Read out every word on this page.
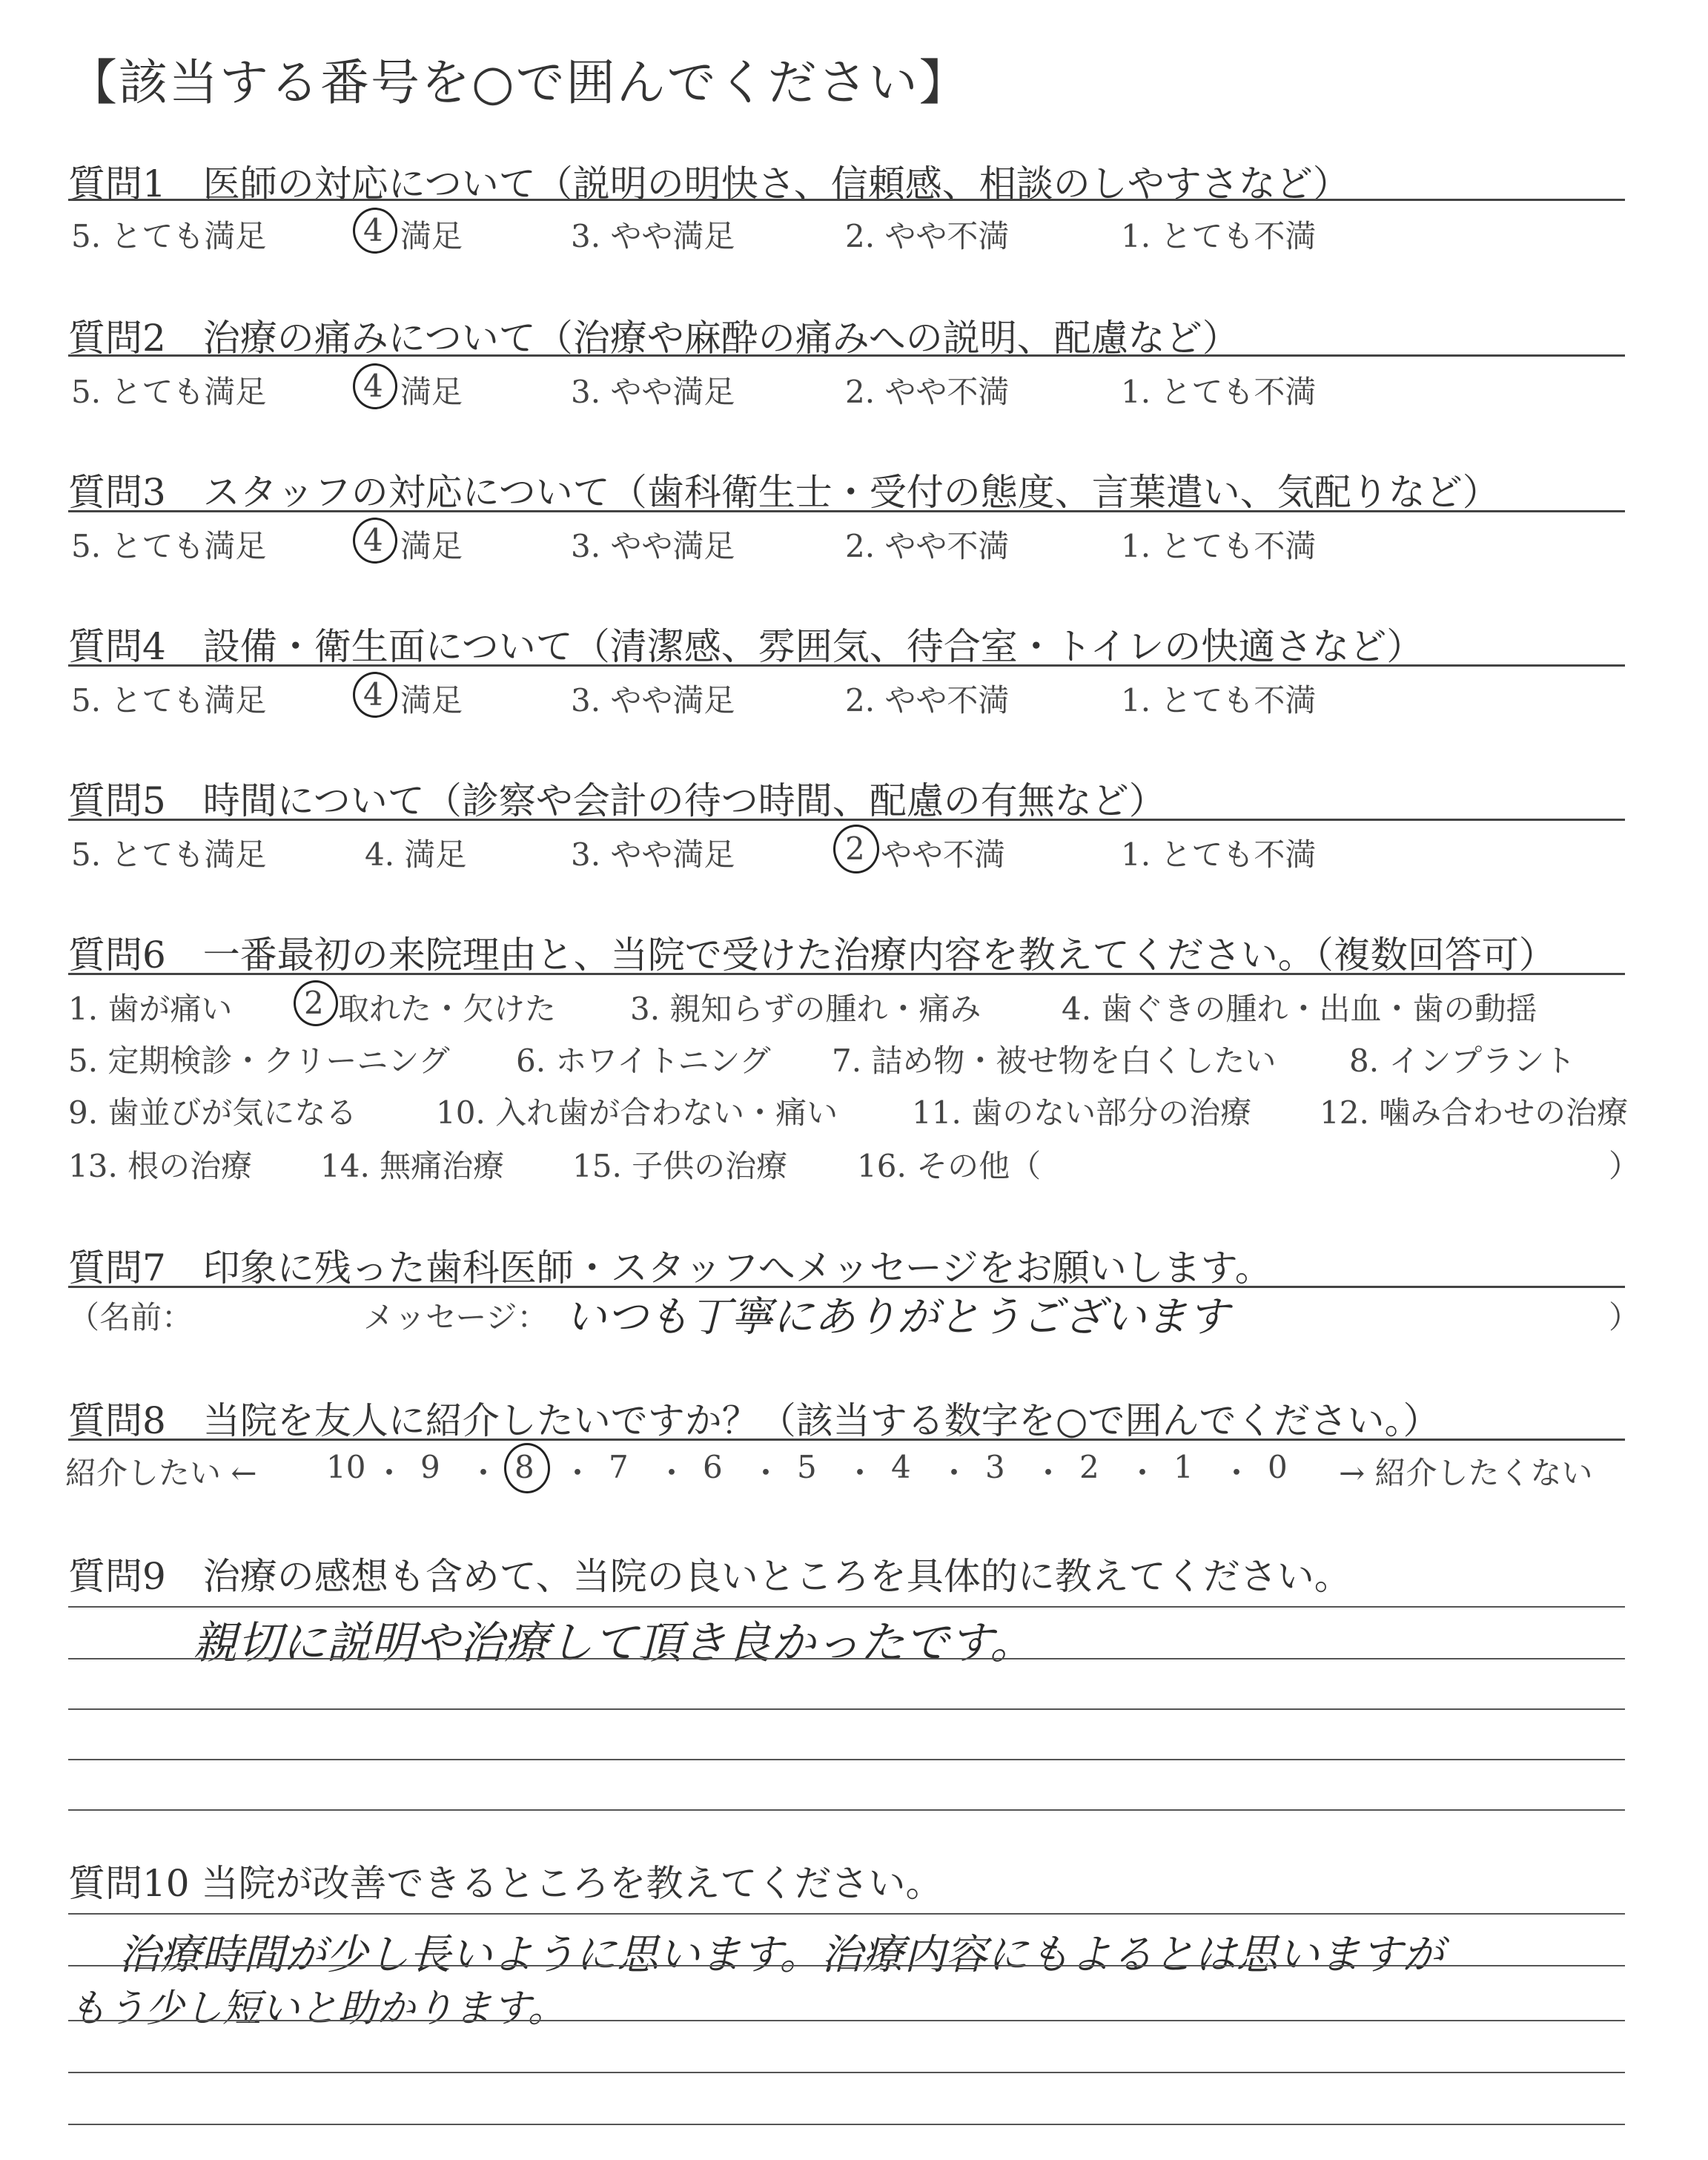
【該当する番号を○で囲んでください】
質問1　医師の対応について（説明の明快さ、信頼感、相談のしやすさなど）
5. とても満足	4 満足	3. やや満足	2. やや不満	1. とても不満
質問2　治療の痛みについて（治療や麻酔の痛みへの説明、配慮など）
5. とても満足	4 満足	3. やや満足	2. やや不満	1. とても不満
質問3　スタッフの対応について（歯科衛生士・受付の態度、言葉遣い、気配りなど）
5. とても満足	4 満足	3. やや満足	2. やや不満	1. とても不満
質問4　設備・衛生面について（清潔感、雰囲気、待合室・トイレの快適さなど）
5. とても満足	4 満足	3. やや満足	2. やや不満	1. とても不満
質問5　時間について（診察や会計の待つ時間、配慮の有無など）
5. とても満足	4. 満足	3. やや満足	2 やや不満	1. とても不満
質問6　一番最初の来院理由と、当院で受けた治療内容を教えてください。（複数回答可）
1. 歯が痛い 2 取れた・欠けた 3. 親知らずの腫れ・痛み	4. 歯ぐきの腫れ・出血・歯の動揺
5. 定期検診・クリーニング 6. ホワイトニング 7. 詰め物・被せ物を白くしたい 8. インプラント
9. 歯並びが気になる	10. 入れ歯が合わない・痛い 11. 歯のない部分の治療 12. 噛み合わせの治療
13. 根の治療 14. 無痛治療 15. 子供の治療 16. その他（	）
質問7　印象に残った歯科医師・スタッフへメッセージをお願いします。
（名前：	メッセージ： いつも丁寧にありがとうございます	）
質問8　当院を友人に紹介したいですか？（該当する数字を○で囲んでください。）
紹介したい ← 10 ・ 9 ・ 8 ・ 7 ・ 6 ・ 5 ・ 4 ・ 3 ・ 2 ・ 1 ・ 0 → 紹介したくない
質問9　治療の感想も含めて、当院の良いところを具体的に教えてください。
親切に説明や治療して頂き良かったです。
質問10 当院が改善できるところを教えてください。
治療時間が少し長いように思います。治療内容にもよるとは思いますが
もう少し短いと助かります。
